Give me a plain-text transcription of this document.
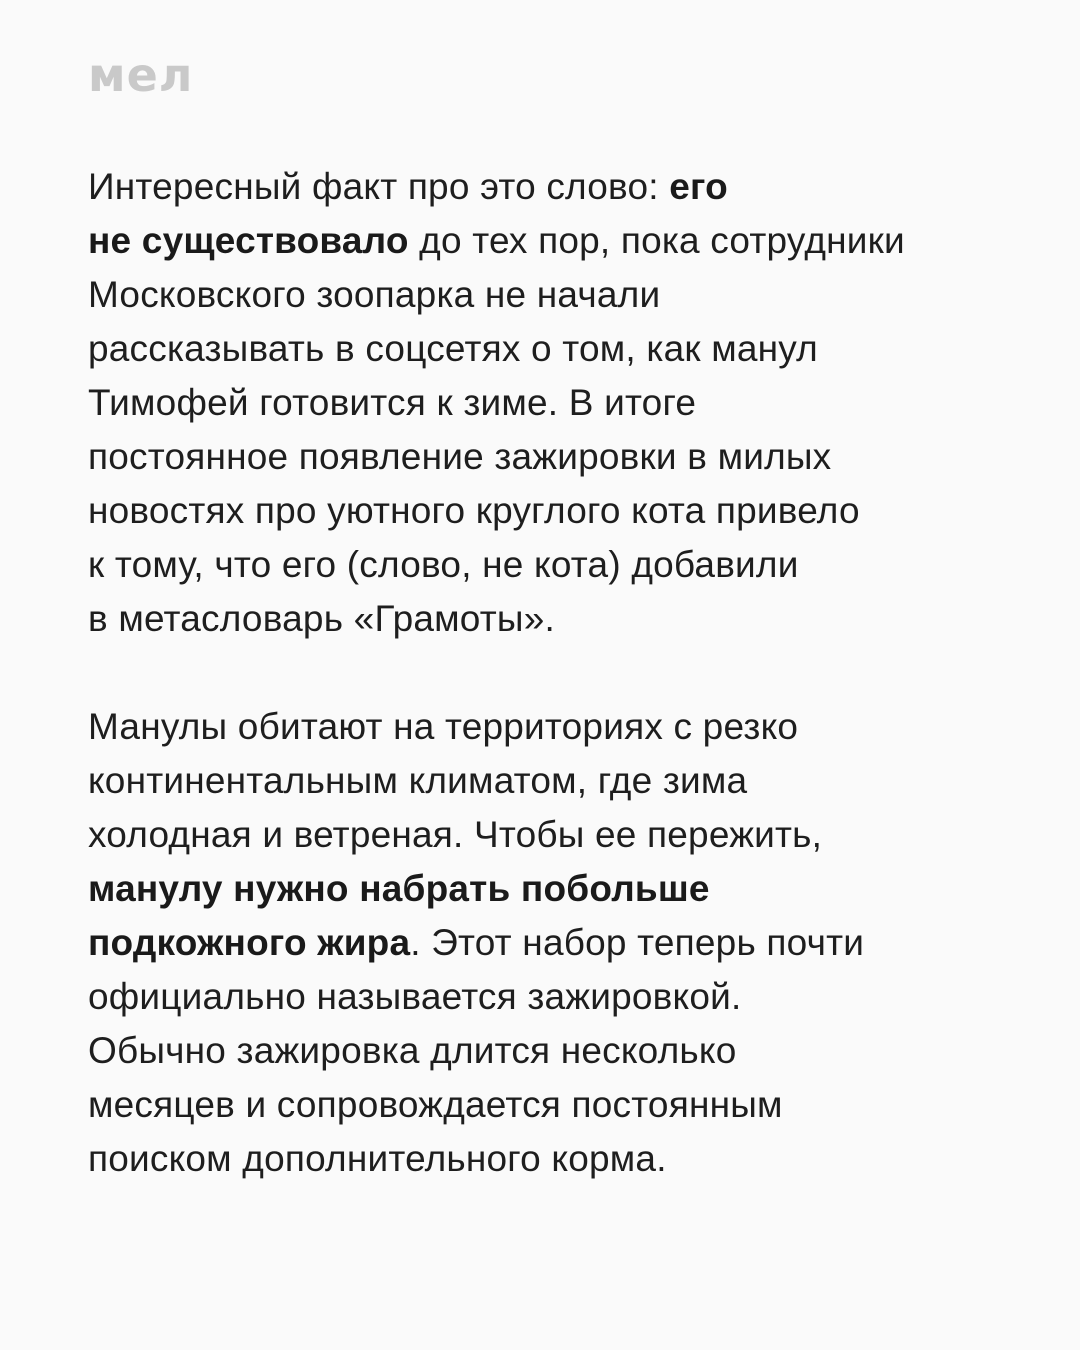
мел

Интересный факт про это слово: его
не существовало до тех пор, пока сотрудники
Московского зоопарка не начали
рассказывать в соцсетях о том, как манул
Тимофей готовится к зиме. В итоге
постоянное появление зажировки в милых
новостях про уютного круглого кота привело
к тому, что его (слово, не кота) добавили
в метасловарь «Грамоты».

Манулы обитают на территориях с резко
континентальным климатом, где зима
холодная и ветреная. Чтобы ее пережить,
манулу нужно набрать побольше
подкожного жира. Этот набор теперь почти
официально называется зажировкой.
Обычно зажировка длится несколько
месяцев и сопровождается постоянным
поиском дополнительного корма.
